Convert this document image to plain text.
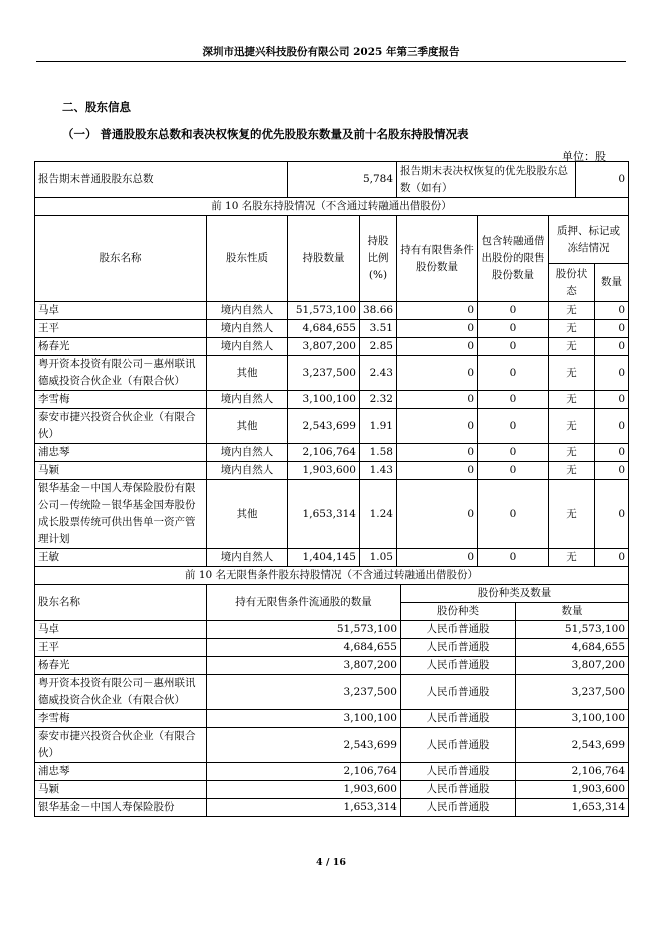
深圳市迅捷兴科技股份有限公司 2025 年第三季度报告
二、股东信息
（一） 普通股股东总数和表决权恢复的优先股股东数量及前十名股东持股情况表
单位：股
报告期末普通股股东总数	5,784	报告期末表决权恢复的优先股股东总数（如有）	0
前 10 名股东持股情况（不含通过转融通出借股份）
股东名称	股东性质	持股数量	持股比例(%)	持有有限售条件股份数量	包含转融通借出股份的限售股份数量	质押、标记或冻结情况	
						股份状态	数量
马卓	境内自然人	51,573,100	38.66	0	0	无	0
王平	境内自然人	4,684,655	3.51	0	0	无	0
杨春光	境内自然人	3,807,200	2.85	0	0	无	0
粤开资本投资有限公司－惠州联讯德威投资合伙企业（有限合伙）	其他	3,237,500	2.43	0	0	无	0
李雪梅	境内自然人	3,100,100	2.32	0	0	无	0
泰安市捷兴投资合伙企业（有限合伙）	其他	2,543,699	1.91	0	0	无	0
浦忠琴	境内自然人	2,106,764	1.58	0	0	无	0
马颖	境内自然人	1,903,600	1.43	0	0	无	0
银华基金－中国人寿保险股份有限公司－传统险－银华基金国寿股份成长股票传统可供出售单一资产管理计划	其他	1,653,314	1.24	0	0	无	0
王敏	境内自然人	1,404,145	1.05	0	0	无	0
前 10 名无限售条件股东持股情况（不含通过转融通出借股份）			
股东名称	持有无限售条件流通股的数量	股份种类及数量	
		股份种类	数量
马卓	51,573,100	人民币普通股	51,573,100
王平	4,684,655	人民币普通股	4,684,655
杨春光	3,807,200	人民币普通股	3,807,200
粤开资本投资有限公司－惠州联讯德威投资合伙企业（有限合伙）	3,237,500	人民币普通股	3,237,500
李雪梅	3,100,100	人民币普通股	3,100,100
泰安市捷兴投资合伙企业（有限合伙）	2,543,699	人民币普通股	2,543,699
浦忠琴	2,106,764	人民币普通股	2,106,764
马颖	1,903,600	人民币普通股	1,903,600
银华基金－中国人寿保险股份	1,653,314	人民币普通股	1,653,314
4 / 16
